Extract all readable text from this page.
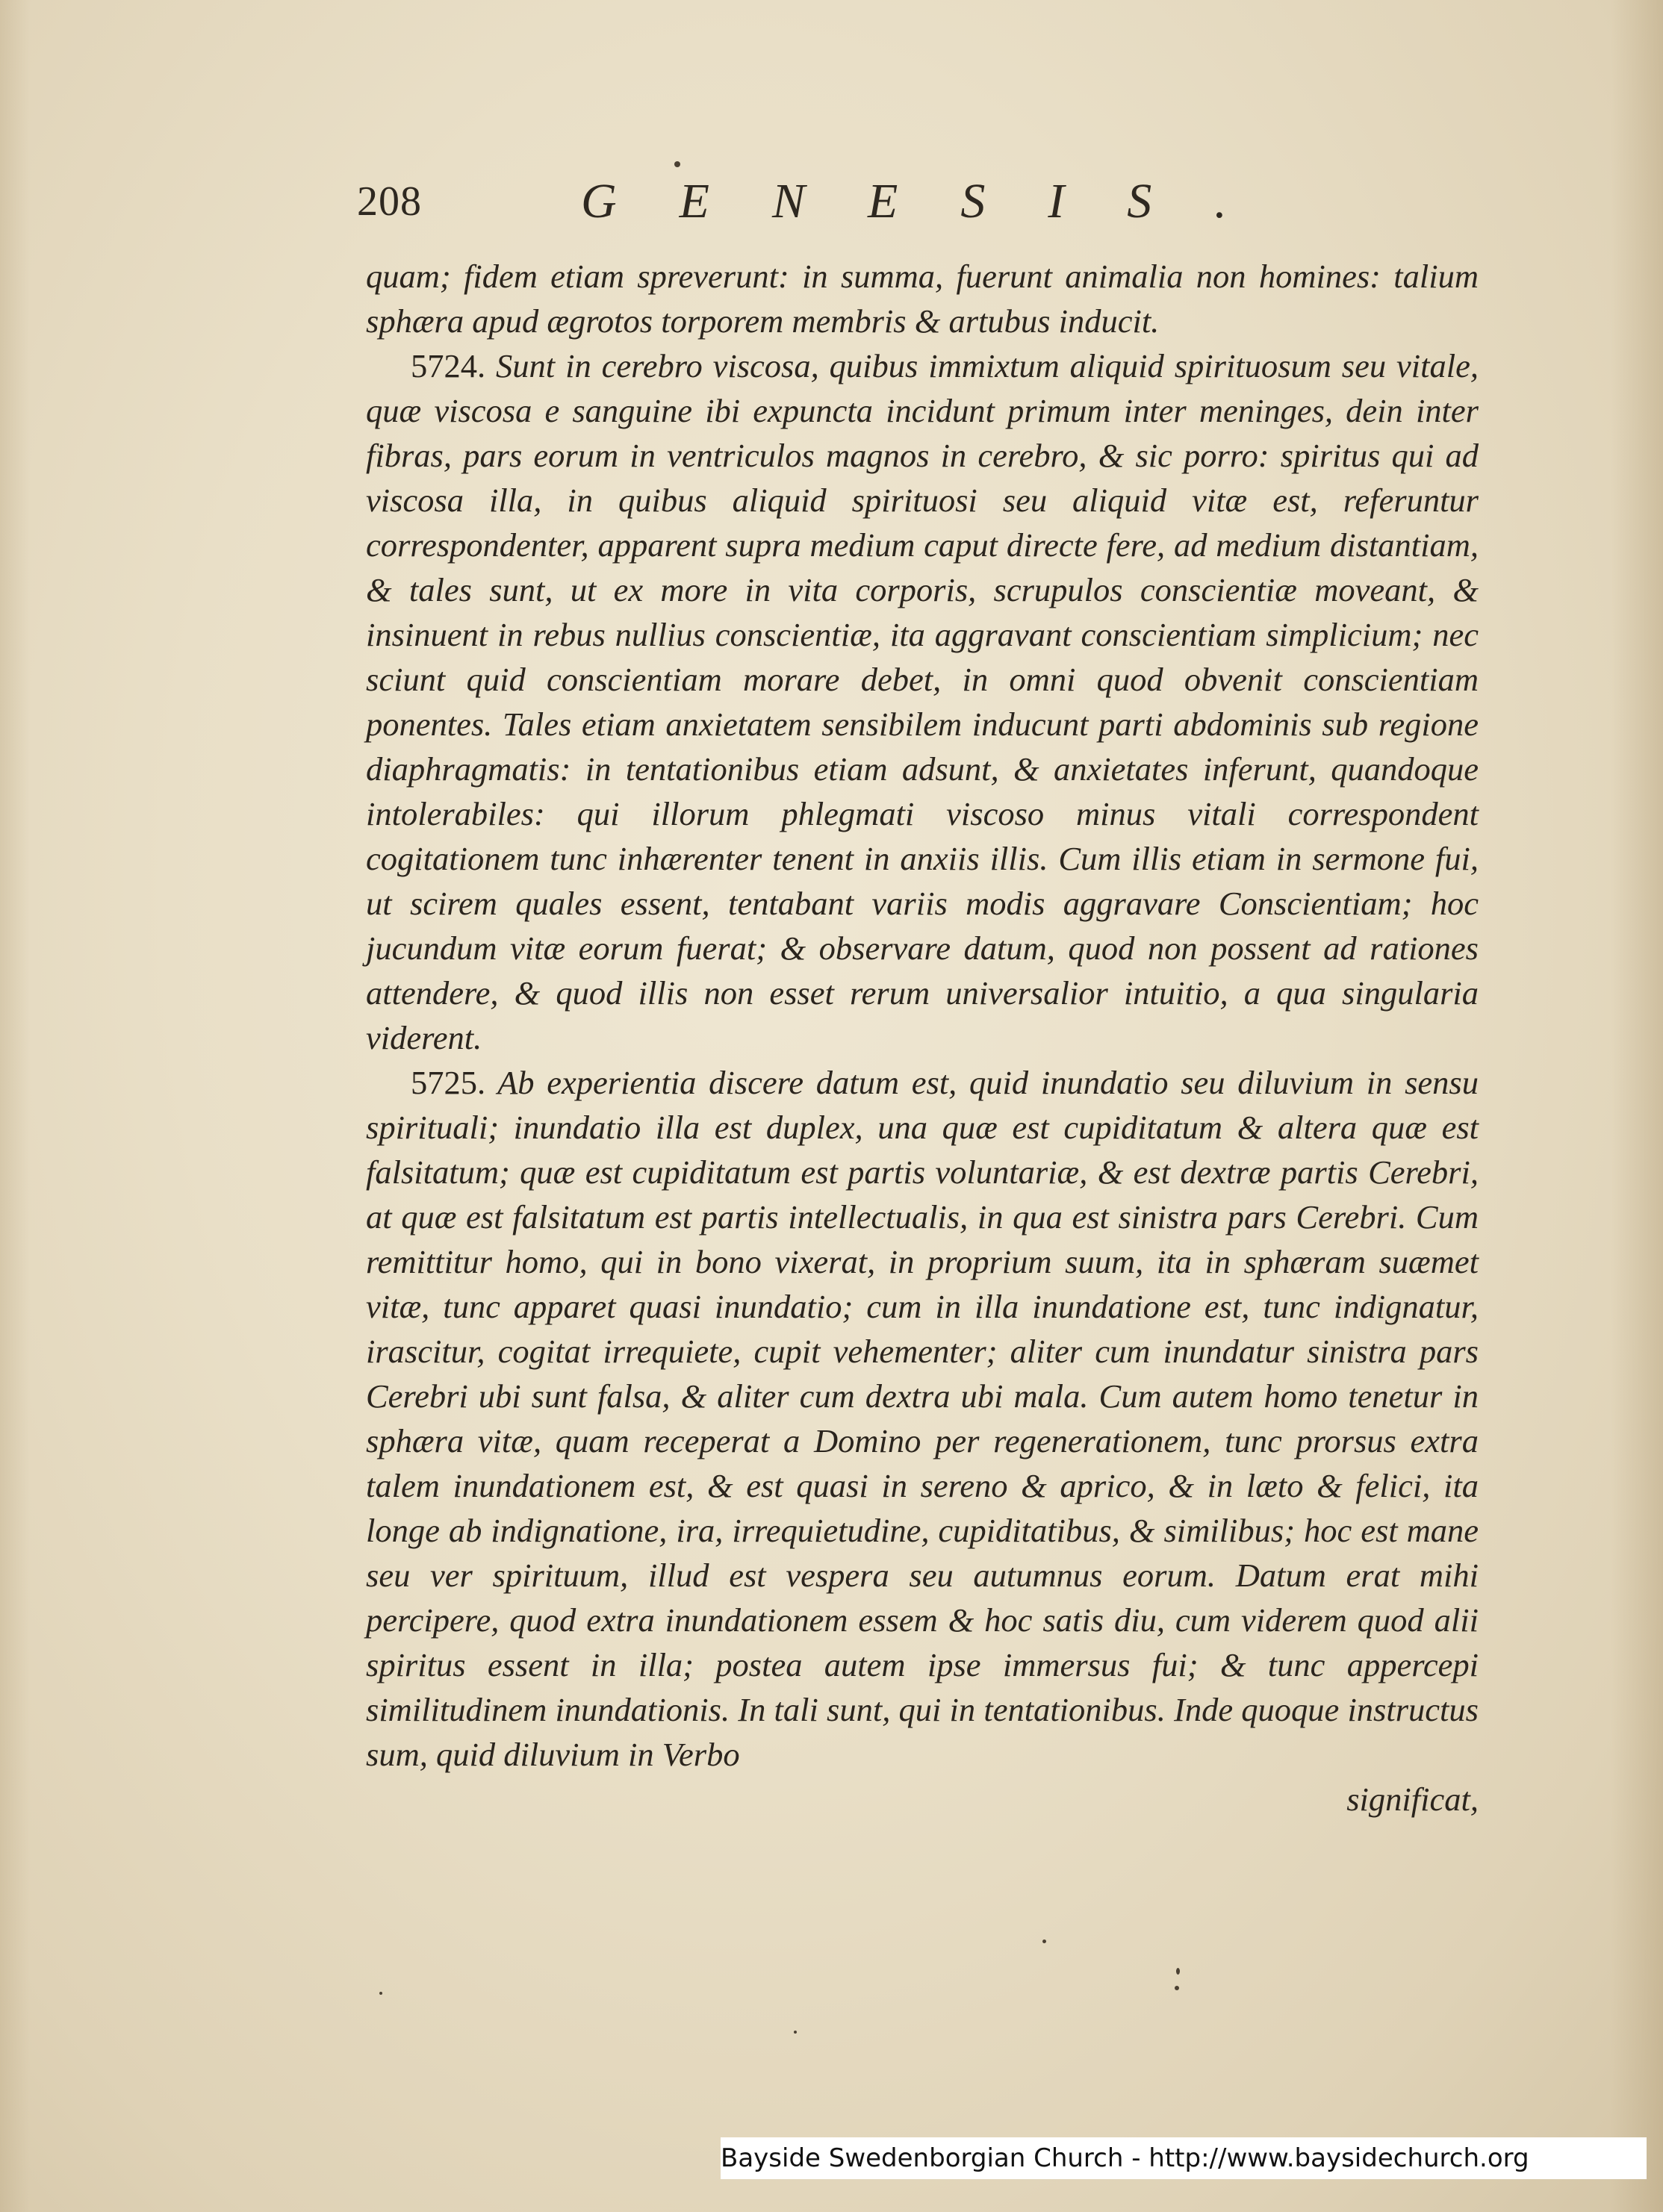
208	GENESIS.

quam; fidem etiam spreverunt: in summa, fuerunt animalia non homines: talium sphæra apud ægrotos torporem membris & artubus inducit.

5724. Sunt in cerebro viscosa, quibus immixtum aliquid spirituosum seu vitale, quæ viscosa e sanguine ibi expuncta incidunt primum inter meninges, dein inter fibras, pars eorum in ventriculos magnos in cerebro, & sic porro: spiritus qui ad viscosa illa, in quibus aliquid spirituosi seu aliquid vitæ est, referuntur correspondenter, apparent supra medium caput directe fere, ad medium distantiam, & tales sunt, ut ex more in vita corporis, scrupulos conscientiæ moveant, & insinuent in rebus nullius conscientiæ, ita aggravant conscientiam simplicium; nec sciunt quid conscientiam morare debet, in omni quod obvenit conscientiam ponentes. Tales etiam anxietatem sensibilem inducunt parti abdominis sub regione diaphragmatis: in tentationibus etiam adsunt, & anxietates inferunt, quandoque intolerabiles: qui illorum phlegmati viscoso minus vitali correspondent cogitationem tunc inhærenter tenent in anxiis illis. Cum illis etiam in sermone fui, ut scirem quales essent, tentabant variis modis aggravare Conscientiam; hoc jucundum vitæ eorum fuerat; & observare datum, quod non possent ad rationes attendere, & quod illis non esset rerum universalior intuitio, a qua singularia viderent.

5725. Ab experientia discere datum est, quid inundatio seu diluvium in sensu spirituali; inundatio illa est duplex, una quæ est cupiditatum & altera quæ est falsitatum; quæ est cupiditatum est partis voluntariæ, & est dextræ partis Cerebri, at quæ est falsitatum est partis intellectualis, in qua est sinistra pars Cerebri. Cum remittitur homo, qui in bono vixerat, in proprium suum, ita in sphæram suæmet vitæ, tunc apparet quasi inundatio; cum in illa inundatione est, tunc indignatur, irascitur, cogitat irrequiete, cupit vehementer; aliter cum inundatur sinistra pars Cerebri ubi sunt falsa, & aliter cum dextra ubi mala. Cum autem homo tenetur in sphæra vitæ, quam receperat a Domino per regenerationem, tunc prorsus extra talem inundationem est, & est quasi in sereno & aprico, & in læto & felici, ita longe ab indignatione, ira, irrequietudine, cupiditatibus, & similibus; hoc est mane seu ver spirituum, illud est vespera seu autumnus eorum. Datum erat mihi percipere, quod extra inundationem essem & hoc satis diu, cum viderem quod alii spiritus essent in illa; postea autem ipse immersus fui; & tunc appercepi similitudinem inundationis. In tali sunt, qui in tentationibus. Inde quoque instructus sum, quid diluvium in Verbo

significat,

Bayside Swedenborgian Church - http://www.baysidechurch.org
